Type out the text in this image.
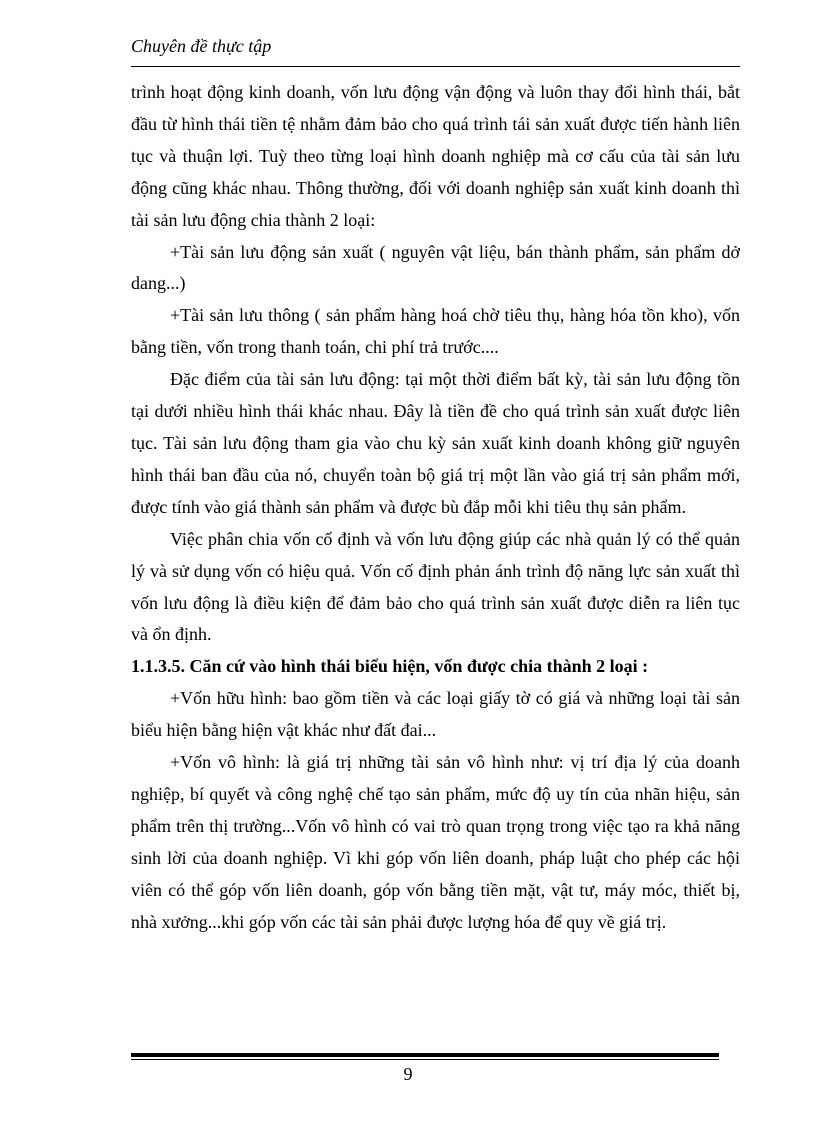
Chuyên đề thực tập

trình hoạt động kinh doanh, vốn lưu động vận động và luôn thay đổi hình thái, bắt đầu từ hình thái tiền tệ nhằm đảm bảo cho quá trình tái sản xuất được tiến hành liên tục và thuận lợi. Tuỳ theo từng loại hình doanh nghiệp mà cơ cấu của tài sản lưu động cũng khác nhau. Thông thường, đối với doanh nghiệp sản xuất kinh doanh thì tài sản lưu động chia thành 2 loại:

+Tài sản lưu động sản xuất ( nguyên vật liệu, bán thành phẩm, sản phẩm dở dang...)

+Tài sản lưu thông ( sản phẩm hàng hoá chờ tiêu thụ, hàng hóa tồn kho), vốn bằng tiền, vốn trong thanh toán, chi phí trả trước....

Đặc điểm của tài sản lưu động: tại một thời điểm bất kỳ, tài sản lưu động tồn tại dưới nhiều hình thái khác nhau. Đây là tiền đề cho quá trình sản xuất được liên tục. Tài sản lưu động tham gia vào chu kỳ sản xuất kinh doanh không giữ nguyên hình thái ban đầu của nó, chuyển toàn bộ giá trị một lần vào giá trị sản phẩm mới, được tính vào giá thành sản phẩm và được bù đắp mỗi khi tiêu thụ sản phẩm.

Việc phân chia vốn cố định và vốn lưu động giúp các nhà quản lý có thể quản lý và sử dụng vốn có hiệu quả. Vốn cố định phản ánh trình độ năng lực sản xuất thì vốn lưu động là điều kiện để đảm bảo cho quá trình sản xuất được diễn ra liên tục và ổn định.

1.1.3.5. Căn cứ vào hình thái biểu hiện, vốn được chia thành 2 loại :

+Vốn hữu hình: bao gồm tiền và các loại giấy tờ có giá và những loại tài sản biểu hiện bằng hiện vật khác như đất đai...

+Vốn vô hình: là giá trị những tài sản vô hình như: vị trí địa lý của doanh nghiệp, bí quyết và công nghệ chế tạo sản phẩm, mức độ uy tín của nhãn hiệu, sản phẩm trên thị trường...Vốn vô hình có vai trò quan trọng trong việc tạo ra khả năng sinh lời của doanh nghiệp. Vì khi góp vốn liên doanh, pháp luật cho phép các hội viên có thể góp vốn liên doanh, góp vốn bằng tiền mặt, vật tư, máy móc, thiết bị, nhà xưởng...khi góp vốn các tài sản phải được lượng hóa để quy về giá trị.

9
